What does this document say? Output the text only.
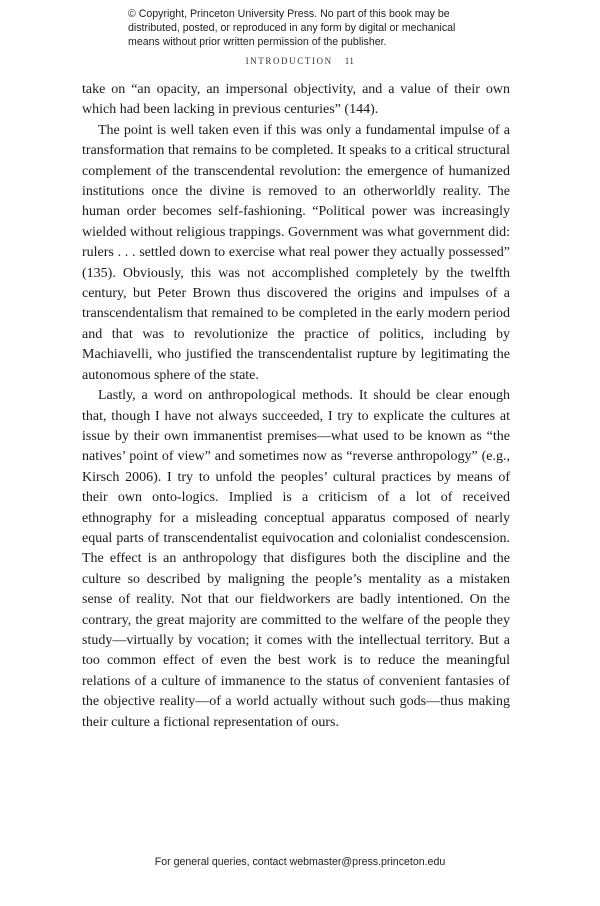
© Copyright, Princeton University Press. No part of this book may be
distributed, posted, or reproduced in any form by digital or mechanical
means without prior written permission of the publisher.
INTRODUCTION 11

take on “an opacity, an impersonal objectivity, and a value of their own which had been lacking in previous centuries” (144).

The point is well taken even if this was only a fundamental impulse of a transformation that remains to be completed. It speaks to a critical structural complement of the transcendental revolution: the emergence of humanized institutions once the divine is removed to an otherworldly reality. The human order becomes self-fashioning. “Political power was increasingly wielded without religious trappings. Government was what government did: rulers . . . settled down to exercise what real power they actually possessed” (135). Obviously, this was not accomplished completely by the twelfth century, but Peter Brown thus discovered the origins and impulses of a transcendentalism that remained to be completed in the early modern period and that was to revolutionize the practice of politics, including by Machiavelli, who justified the transcendentalist rupture by legitimating the autonomous sphere of the state.

Lastly, a word on anthropological methods. It should be clear enough that, though I have not always succeeded, I try to explicate the cultures at issue by their own immanentist premises—what used to be known as “the natives’ point of view” and sometimes now as “reverse anthropology” (e.g., Kirsch 2006). I try to unfold the peoples’ cultural practices by means of their own onto-logics. Implied is a criticism of a lot of received ethnography for a misleading conceptual apparatus composed of nearly equal parts of transcendentalist equivocation and colonialist condescension. The effect is an anthropology that disfigures both the discipline and the culture so described by maligning the people’s mentality as a mistaken sense of reality. Not that our fieldworkers are badly intentioned. On the contrary, the great majority are committed to the welfare of the people they study—virtually by vocation; it comes with the intellectual territory. But a too common effect of even the best work is to reduce the meaningful relations of a culture of immanence to the status of convenient fantasies of the objective reality—of a world actually without such gods—thus making their culture a fictional representation of ours.

For general queries, contact webmaster@press.princeton.edu
